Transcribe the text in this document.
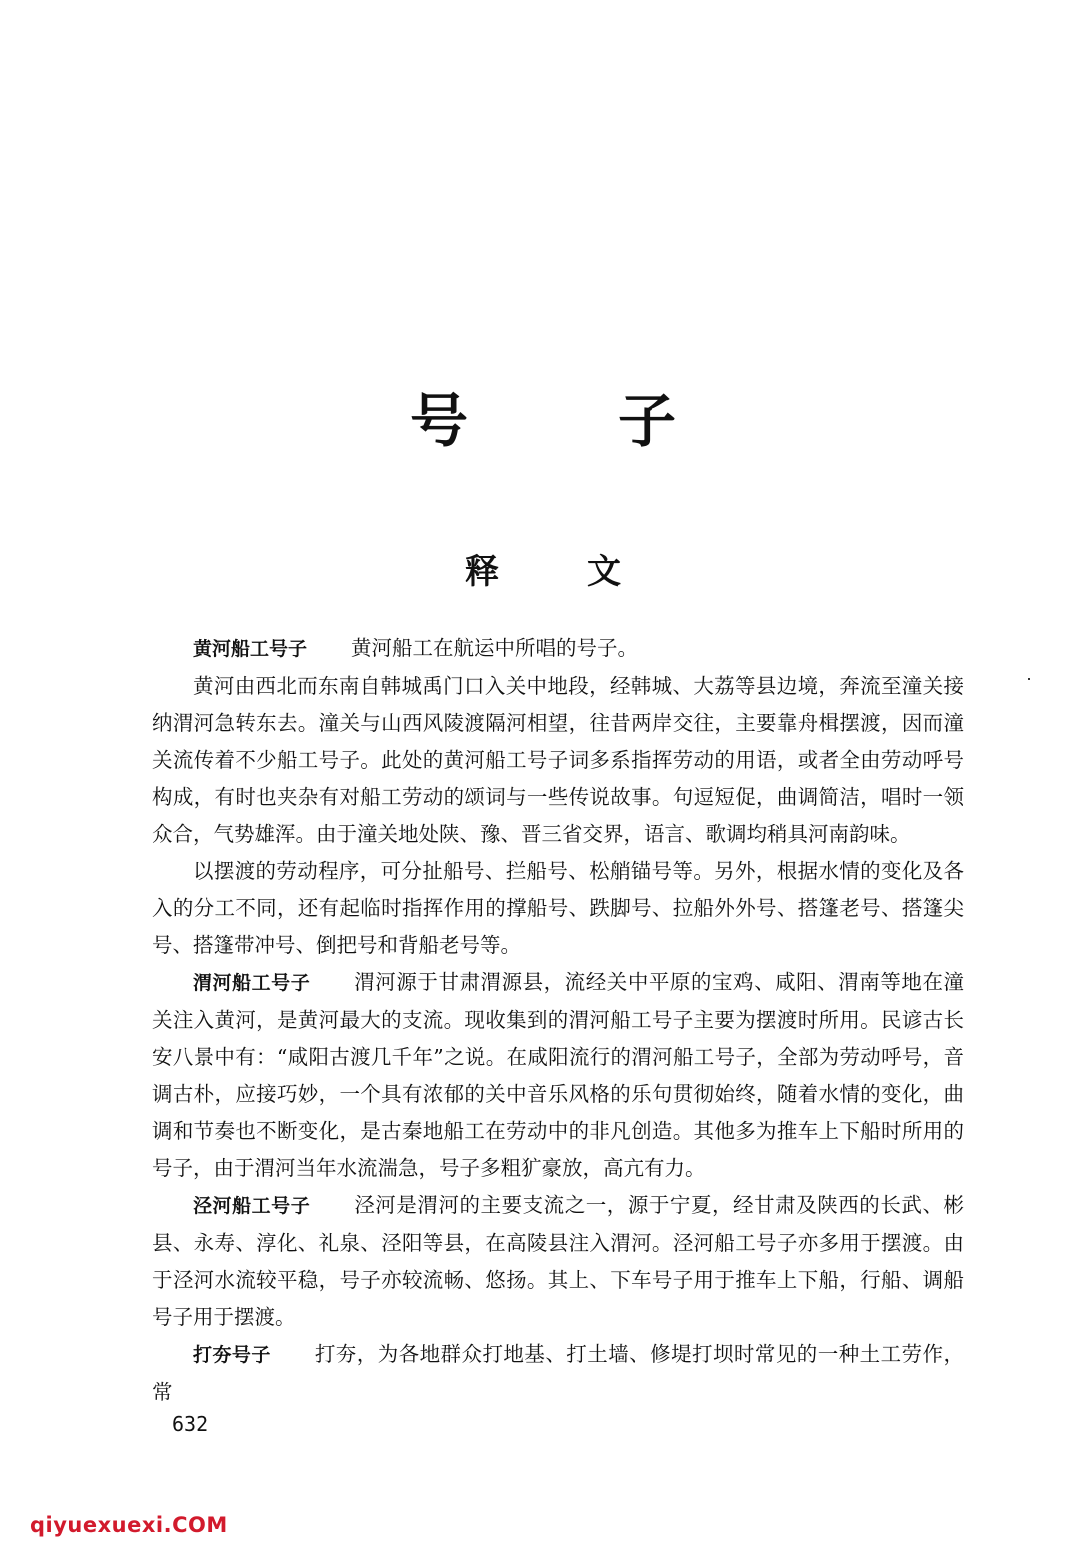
号子
释文

黄河船工号子 黄河船工在航运中所唱的号子。

黄河由西北而东南自韩城禹门口入关中地段，经韩城、大荔等县边境，奔流至潼关接纳渭河急转东去。潼关与山西风陵渡隔河相望，往昔两岸交往，主要靠舟楫摆渡，因而潼关流传着不少船工号子。此处的黄河船工号子词多系指挥劳动的用语，或者全由劳动呼号构成，有时也夹杂有对船工劳动的颂词与一些传说故事。句逗短促，曲调简洁，唱时一领众合，气势雄浑。由于潼关地处陕、豫、晋三省交界，语言、歌调均稍具河南韵味。

以摆渡的劳动程序，可分扯船号、拦船号、松艄锚号等。另外，根据水情的变化及各入的分工不同，还有起临时指挥作用的撑船号、跌脚号、拉船外外号、搭篷老号、搭篷尖号、搭篷带冲号、倒把号和背船老号等。

渭河船工号子 渭河源于甘肃渭源县，流经关中平原的宝鸡、咸阳、渭南等地在潼关注入黄河，是黄河最大的支流。现收集到的渭河船工号子主要为摆渡时所用。民谚古长安八景中有：“咸阳古渡几千年”之说。在咸阳流行的渭河船工号子，全部为劳动呼号，音调古朴，应接巧妙，一个具有浓郁的关中音乐风格的乐句贯彻始终，随着水情的变化，曲调和节奏也不断变化，是古秦地船工在劳动中的非凡创造。其他多为推车上下船时所用的号子，由于渭河当年水流湍急，号子多粗犷豪放，高亢有力。

泾河船工号子 泾河是渭河的主要支流之一，源于宁夏，经甘肃及陕西的长武、彬县、永寿、淳化、礼泉、泾阳等县，在高陵县注入渭河。泾河船工号子亦多用于摆渡。由于泾河水流较平稳，号子亦较流畅、悠扬。其上、下车号子用于推车上下船，行船、调船号子用于摆渡。

打夯号子 打夯，为各地群众打地基、打土墙、修堤打坝时常见的一种土工劳作，常

632
qiyuexuexi.COM
